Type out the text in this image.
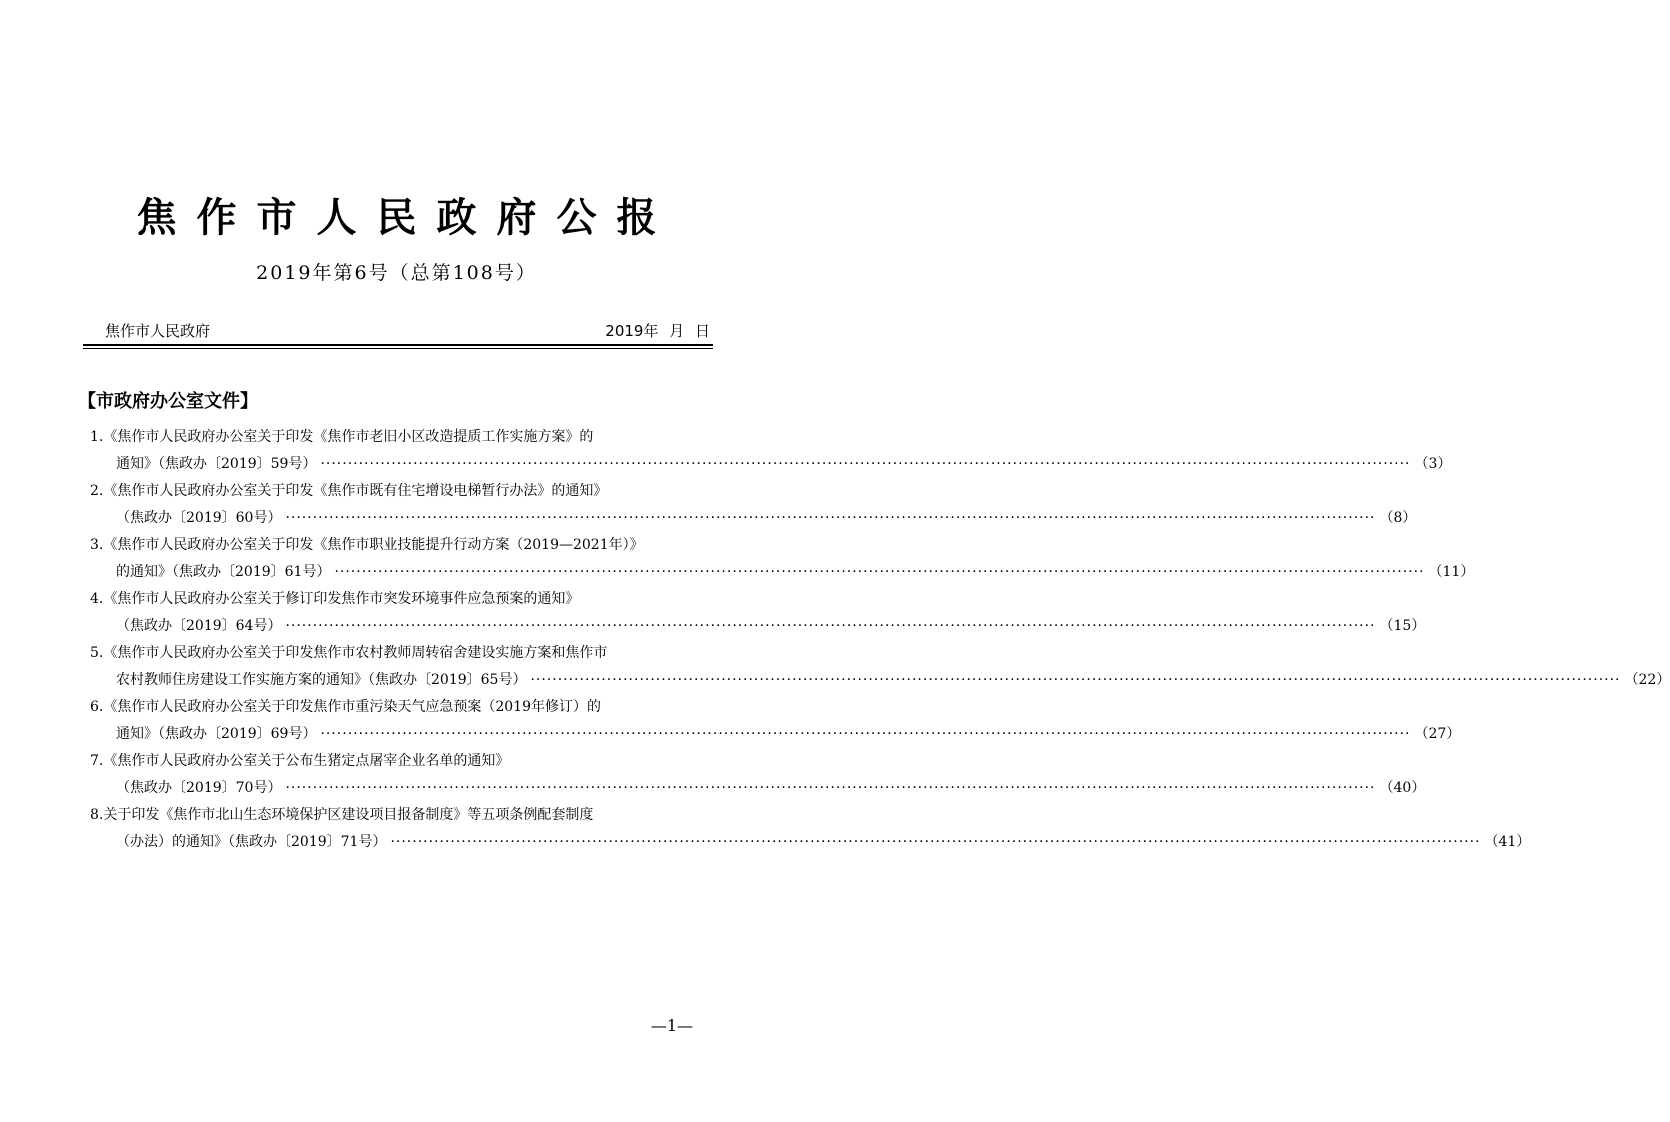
焦作市人民政府公报
2019年第6号（总第108号）
焦作市人民政府	2019年 月 日
【市政府办公室文件】
1.《焦作市人民政府办公室关于印发《焦作市老旧小区改造提质工作实施方案》的
通知》（焦政办〔2019〕59号） ········································································································································································································ （3）
2.《焦作市人民政府办公室关于印发《焦作市既有住宅增设电梯暂行办法》的通知》
（焦政办〔2019〕60号） ········································································································································································································ （8）
3.《焦作市人民政府办公室关于印发《焦作市职业技能提升行动方案（2019—2021年）》
的通知》（焦政办〔2019〕61号） ········································································································································································································ （11）
4.《焦作市人民政府办公室关于修订印发焦作市突发环境事件应急预案的通知》
（焦政办〔2019〕64号） ········································································································································································································ （15）
5.《焦作市人民政府办公室关于印发焦作市农村教师周转宿舍建设实施方案和焦作市
农村教师住房建设工作实施方案的通知》（焦政办〔2019〕65号） ········································································································································································································ （22）
6.《焦作市人民政府办公室关于印发焦作市重污染天气应急预案（2019年修订）的
通知》（焦政办〔2019〕69号） ········································································································································································································ （27）
7.《焦作市人民政府办公室关于公布生猪定点屠宰企业名单的通知》
（焦政办〔2019〕70号） ········································································································································································································ （40）
8.关于印发《焦作市北山生态环境保护区建设项目报备制度》等五项条例配套制度
（办法）的通知》（焦政办〔2019〕71号） ········································································································································································································ （41）
—1—
